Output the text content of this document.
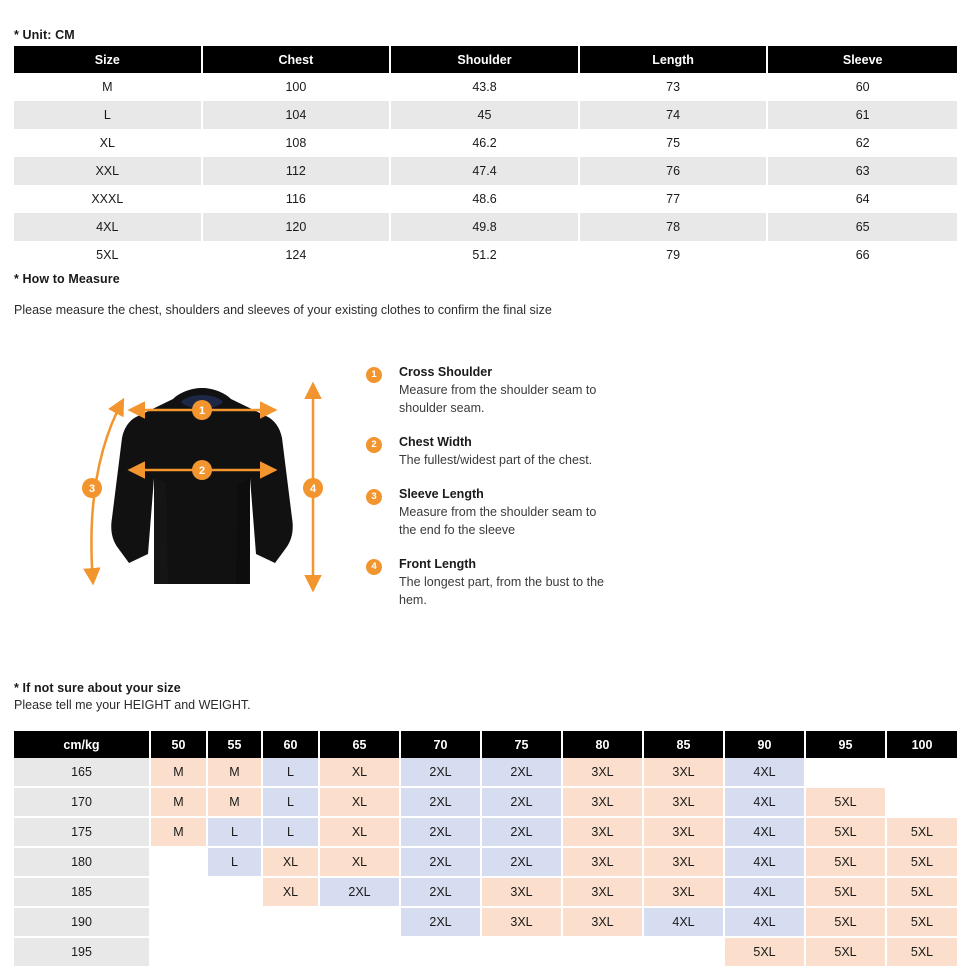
* Unit: CM
Size	Chest	Shoulder	Length	Sleeve
M	100	43.8	73	60
L	104	45	74	61
XL	108	46.2	75	62
XXL	112	47.4	76	63
XXXL	116	48.6	77	64
4XL	120	49.8	78	65
5XL	124	51.2	79	66
* How to Measure
Please measure the chest, shoulders and sleeves of your existing clothes to confirm the final size
1
2
3	4
1	Cross Shoulder
Measure from the shoulder seam to shoulder seam.
2	Chest Width
The fullest/widest part of the chest.
3	Sleeve Length
Measure from the shoulder seam to the end fo the sleeve
4	Front Length
The longest part, from the bust to the hem.
* If not sure about your size
Please tell me your HEIGHT and WEIGHT.
cm/kg	50	55	60	65	70	75	80	85	90	95	100
165	M	M	L	XL	2XL	2XL	3XL	3XL	4XL		
170	M	M	L	XL	2XL	2XL	3XL	3XL	4XL	5XL	
175	M	L	L	XL	2XL	2XL	3XL	3XL	4XL	5XL	5XL
180		L	XL	XL	2XL	2XL	3XL	3XL	4XL	5XL	5XL
185			XL	2XL	2XL	3XL	3XL	3XL	4XL	5XL	5XL
190					2XL	3XL	3XL	4XL	4XL	5XL	5XL
195									5XL	5XL	5XL
